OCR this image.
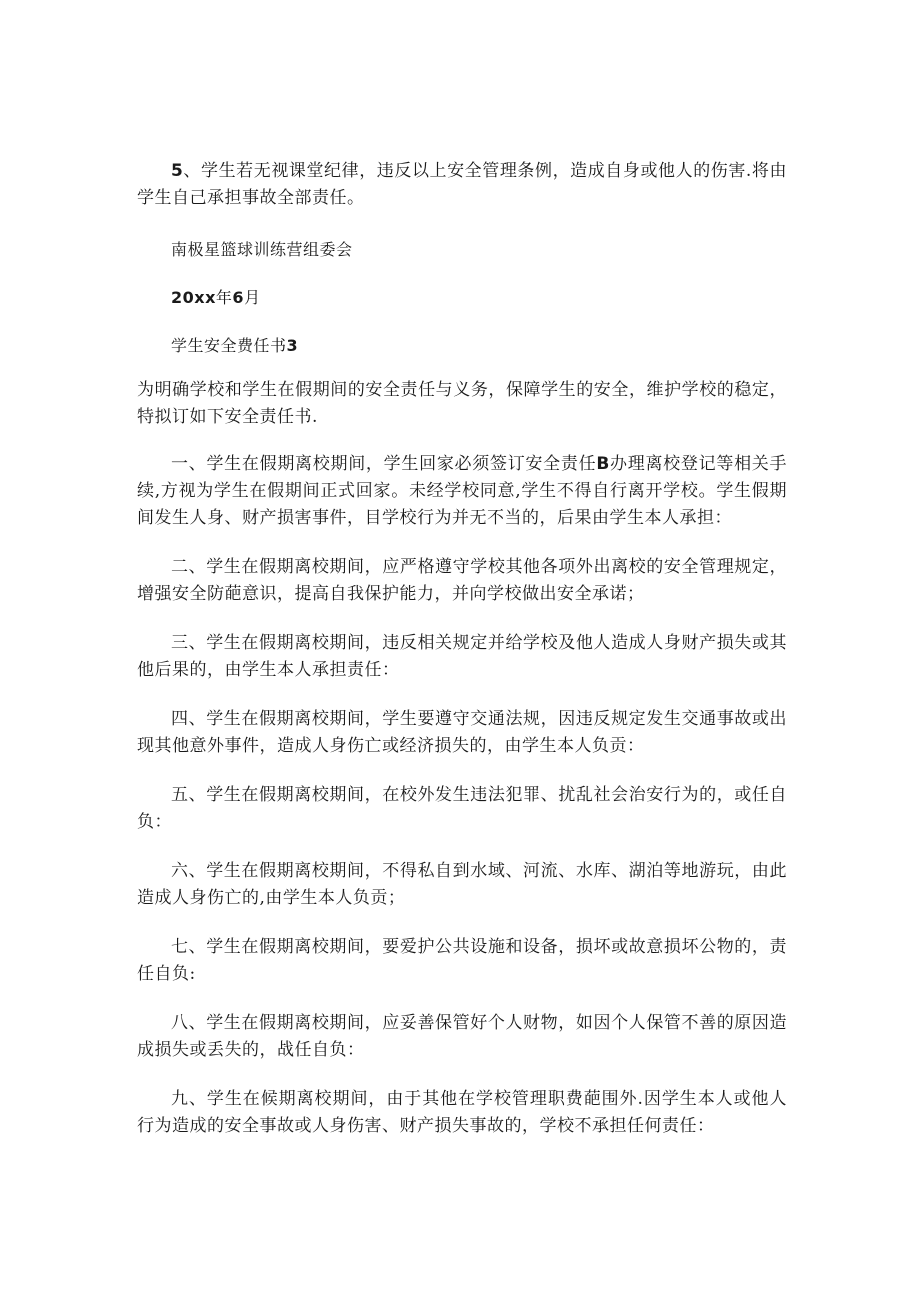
5、学生若无视课堂纪律，违反以上安全管理条例，造成自身或他人的伤害.将由学生自己承担事故全部责任。

南极星篮球训练营组委会

20xx年6月

学生安全费任书3

为明确学校和学生在假期间的安全责任与义务，保障学生的安全，维护学校的稳定，特拟订如下安全责任书.

一、学生在假期离校期间，学生回家必须签订安全责任B办理离校登记等相关手续,方视为学生在假期间正式回家。未经学校同意,学生不得自行离开学校。学生假期间发生人身、财产损害事件，目学校行为并无不当的，后果由学生本人承担：

二、学生在假期离校期间，应严格遵守学校其他各项外出离校的安全管理规定，增强安全防葩意识，提高自我保护能力，并向学校做出安全承诺；

三、学生在假期离校期间，违反相关规定并给学校及他人造成人身财产损失或其他后果的，由学生本人承担责任：

四、学生在假期离校期间，学生要遵守交通法规，因违反规定发生交通事故或出现其他意外事件，造成人身伤亡或经济损失的，由学生本人负贡：

五、学生在假期离校期间，在校外发生违法犯罪、扰乱社会治安行为的，或任自负：

六、学生在假期离校期间，不得私自到水域、河流、水库、湖泊等地游玩，由此造成人身伤亡的,由学生本人负贡；

七、学生在假期离校期间，要爱护公共设施和设备，损坏或故意损坏公物的，责任自负:

八、学生在假期离校期间，应妥善保管好个人财物，如因个人保管不善的原因造成损失或丢失的，战任自负：

九、学生在候期离校期间，由于其他在学校管理职费葩围外.因学生本人或他人行为造成的安全事故或人身伤害、财产损失事故的，学校不承担任何责任：
